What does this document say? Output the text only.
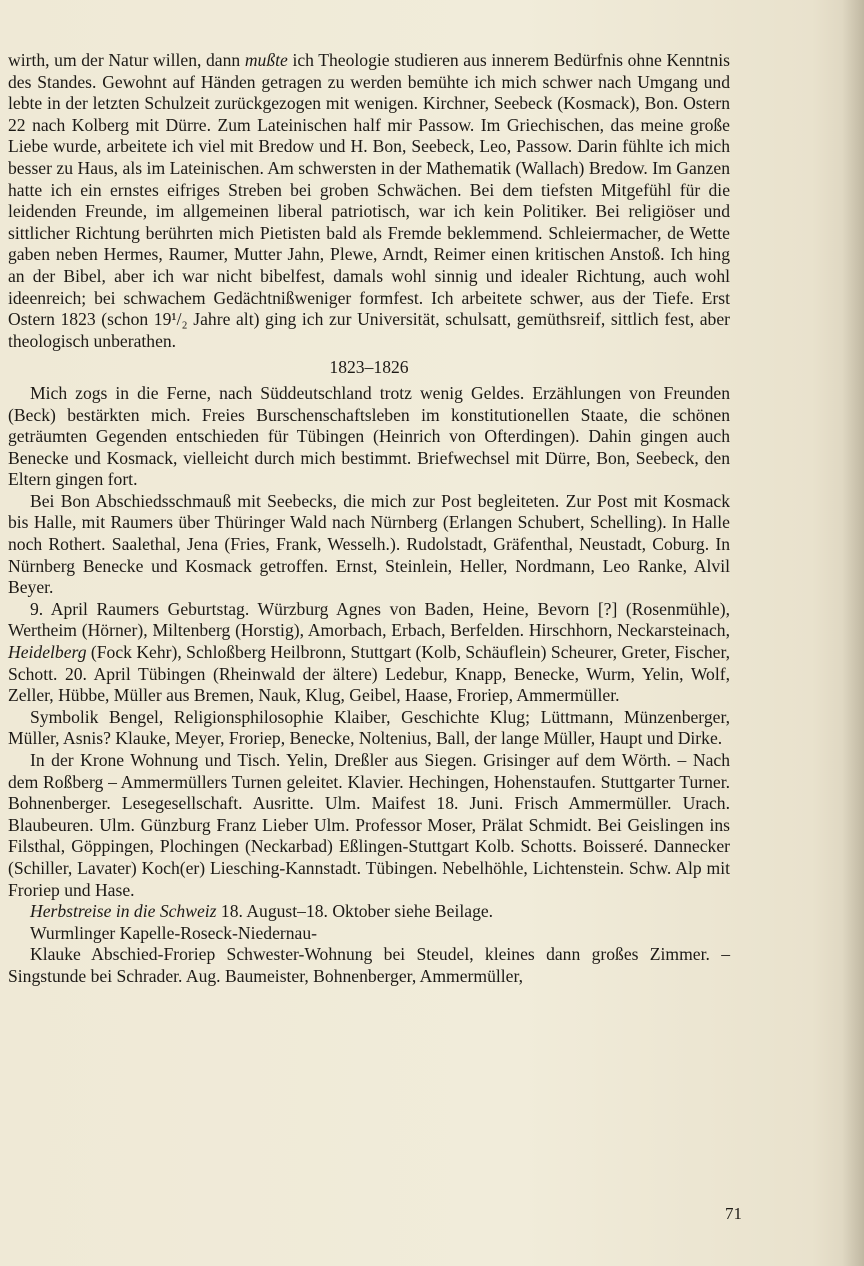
wirth, um der Natur willen, dann mußte ich Theologie studieren aus innerem Bedürfnis ohne Kenntnis des Standes. Gewohnt auf Händen getragen zu werden bemühte ich mich schwer nach Umgang und lebte in der letzten Schulzeit zurückgezogen mit wenigen. Kirchner, Seebeck (Kosmack), Bon. Ostern 22 nach Kolberg mit Dürre. Zum Lateinischen half mir Passow. Im Griechischen, das meine große Liebe wurde, arbeitete ich viel mit Bredow und H. Bon, Seebeck, Leo, Passow. Darin fühlte ich mich besser zu Haus, als im Lateinischen. Am schwersten in der Mathematik (Wallach) Bredow. Im Ganzen hatte ich ein ernstes eifriges Streben bei groben Schwächen. Bei dem tiefsten Mitgefühl für die leidenden Freunde, im allgemeinen liberal patriotisch, war ich kein Politiker. Bei religiöser und sittlicher Richtung berührten mich Pietisten bald als Fremde beklemmend. Schleiermacher, de Wette gaben neben Hermes, Raumer, Mutter Jahn, Plewe, Arndt, Reimer einen kritischen Anstoß. Ich hing an der Bibel, aber ich war nicht bibelfest, damals wohl sinnig und idealer Richtung, auch wohl ideenreich; bei schwachem Gedächtnißweniger formfest. Ich arbeitete schwer, aus der Tiefe. Erst Ostern 1823 (schon 19¹/₂ Jahre alt) ging ich zur Universität, schulsatt, gemüthsreif, sittlich fest, aber theologisch unberathen.

1823–1826

Mich zogs in die Ferne, nach Süddeutschland trotz wenig Geldes. Erzählungen von Freunden (Beck) bestärkten mich. Freies Burschenschaftsleben im konstitutionellen Staate, die schönen geträumten Gegenden entschieden für Tübingen (Heinrich von Ofterdingen). Dahin gingen auch Benecke und Kosmack, vielleicht durch mich bestimmt. Briefwechsel mit Dürre, Bon, Seebeck, den Eltern gingen fort.

Bei Bon Abschiedsschmauß mit Seebecks, die mich zur Post begleiteten. Zur Post mit Kosmack bis Halle, mit Raumers über Thüringer Wald nach Nürnberg (Erlangen Schubert, Schelling). In Halle noch Rothert. Saalethal, Jena (Fries, Frank, Wesselh.). Rudolstadt, Gräfenthal, Neustadt, Coburg. In Nürnberg Benecke und Kosmack getroffen. Ernst, Steinlein, Heller, Nordmann, Leo Ranke, Alvil Beyer.

9. April Raumers Geburtstag. Würzburg Agnes von Baden, Heine, Bevorn [?] (Rosenmühle), Wertheim (Hörner), Miltenberg (Horstig), Amorbach, Erbach, Berfelden. Hirschhorn, Neckarsteinach, Heidelberg (Fock Kehr), Schloßberg Heilbronn, Stuttgart (Kolb, Schäuflein) Scheurer, Greter, Fischer, Schott. 20. April Tübingen (Rheinwald der ältere) Ledebur, Knapp, Benecke, Wurm, Yelin, Wolf, Zeller, Hübbe, Müller aus Bremen, Nauk, Klug, Geibel, Haase, Froriep, Ammermüller.

Symbolik Bengel, Religionsphilosophie Klaiber, Geschichte Klug; Lüttmann, Münzenberger, Müller, Asnis? Klauke, Meyer, Froriep, Benecke, Noltenius, Ball, der lange Müller, Haupt und Dirke.

In der Krone Wohnung und Tisch. Yelin, Dreßler aus Siegen. Grisinger auf dem Wörth. – Nach dem Roßberg – Ammermüllers Turnen geleitet. Klavier. Hechingen, Hohenstaufen. Stuttgarter Turner. Bohnenberger. Lesegesellschaft. Ausritte. Ulm. Maifest 18. Juni. Frisch Ammermüller. Urach. Blaubeuren. Ulm. Günzburg Franz Lieber Ulm. Professor Moser, Prälat Schmidt. Bei Geislingen ins Filsthal, Göppingen, Plochingen (Neckarbad) Eßlingen-Stuttgart Kolb. Schotts. Boisseré. Dannecker (Schiller, Lavater) Koch(er) Liesching-Kannstadt. Tübingen. Nebelhöhle, Lichtenstein. Schw. Alp mit Froriep und Hase.

Herbstreise in die Schweiz 18. August–18. Oktober siehe Beilage.

Wurmlinger Kapelle-Roseck-Niedernau-

Klauke Abschied-Froriep Schwester-Wohnung bei Steudel, kleines dann großes Zimmer. – Singstunde bei Schrader. Aug. Baumeister, Bohnenberger, Ammermüller,

71
